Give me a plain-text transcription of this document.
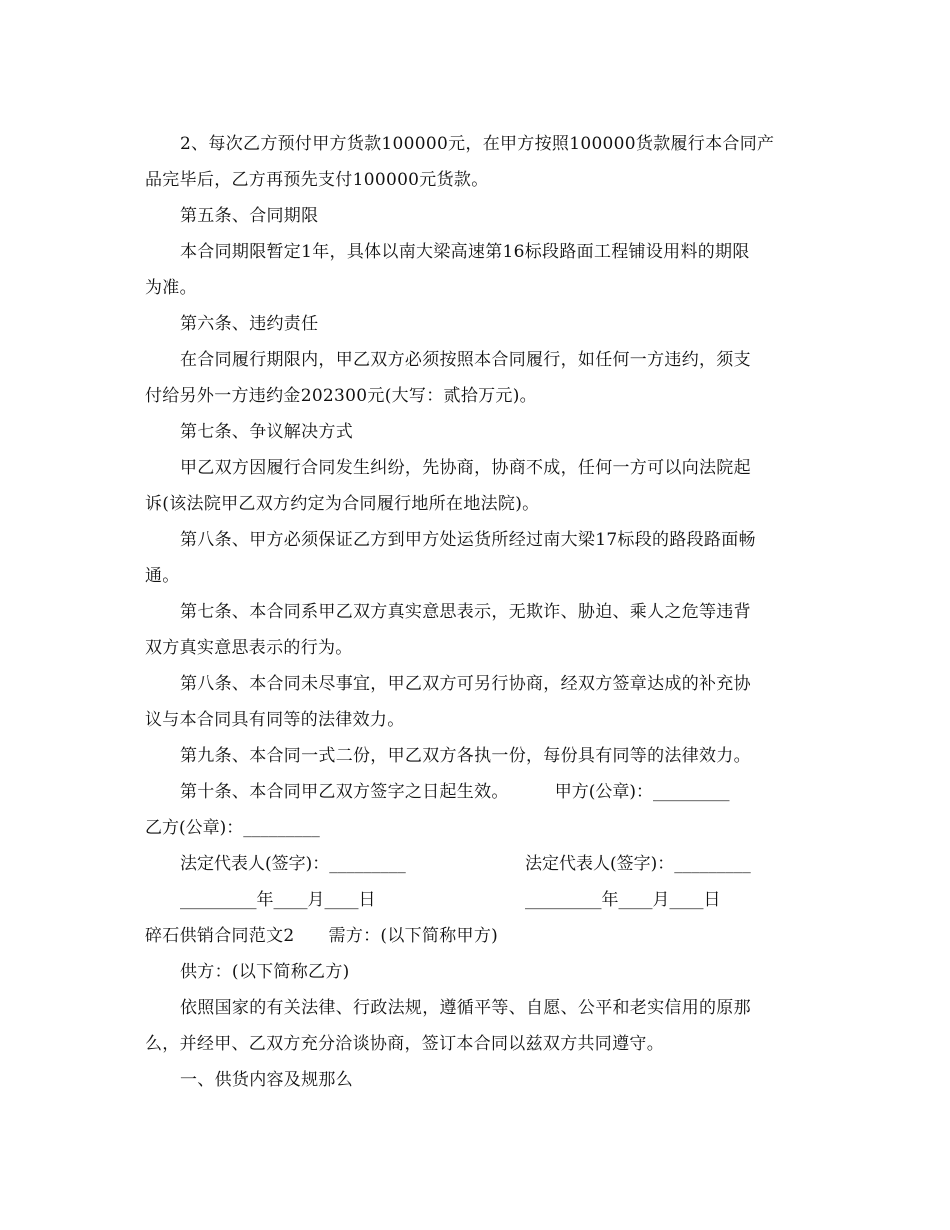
2、每次乙方预付甲方货款100000元，在甲方按照100000货款履行本合同产
品完毕后，乙方再预先支付100000元货款。
第五条、合同期限
本合同期限暂定1年，具体以南大梁高速第16标段路面工程铺设用料的期限
为准。
第六条、违约责任
在合同履行期限内，甲乙双方必须按照本合同履行，如任何一方违约，须支
付给另外一方违约金202300元(大写：贰拾万元)。
第七条、争议解决方式
甲乙双方因履行合同发生纠纷，先协商，协商不成，任何一方可以向法院起
诉(该法院甲乙双方约定为合同履行地所在地法院)。
第八条、甲方必须保证乙方到甲方处运货所经过南大梁17标段的路段路面畅
通。
第七条、本合同系甲乙双方真实意思表示，无欺诈、胁迫、乘人之危等违背
双方真实意思表示的行为。
第八条、本合同未尽事宜，甲乙双方可另行协商，经双方签章达成的补充协
议与本合同具有同等的法律效力。
第九条、本合同一式二份，甲乙双方各执一份，每份具有同等的法律效力。
第十条、本合同甲乙双方签字之日起生效。	甲方(公章)：_________
乙方(公章)：_________
法定代表人(签字)：_________	法定代表人(签字)：_________
_________年____月____日	_________年____月____日
碎石供销合同范文2 需方：(以下简称甲方)
供方：(以下简称乙方)
依照国家的有关法律、行政法规，遵循平等、自愿、公平和老实信用的原那
么，并经甲、乙双方充分洽谈协商，签订本合同以兹双方共同遵守。
一、供货内容及规那么
